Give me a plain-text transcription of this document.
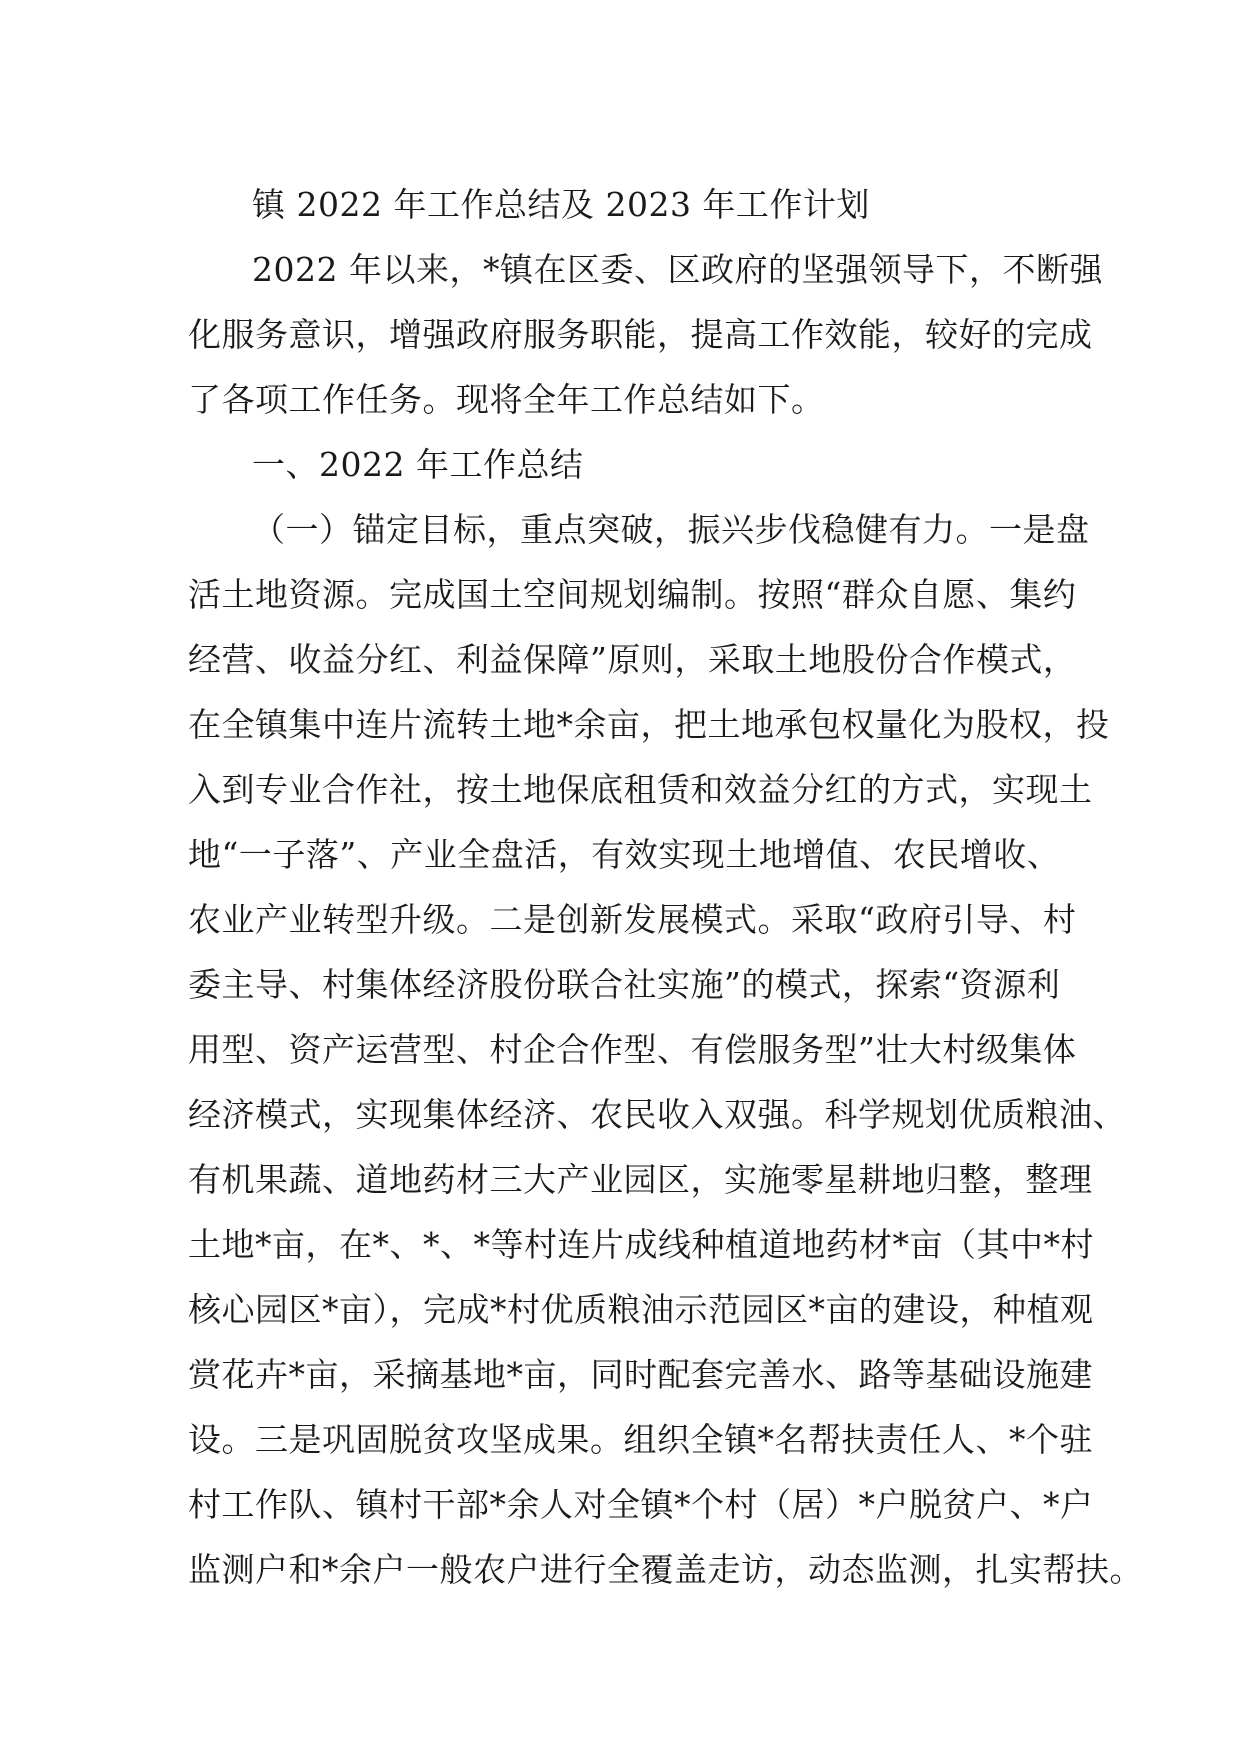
镇 2022 年工作总结及 2023 年工作计划
2022 年以来，*镇在区委、区政府的坚强领导下，不断强
化服务意识，增强政府服务职能，提高工作效能，较好的完成
了各项工作任务。现将全年工作总结如下。
一、2022 年工作总结
（一）锚定目标，重点突破，振兴步伐稳健有力。一是盘
活土地资源。完成国土空间规划编制。按照“群众自愿、集约
经营、收益分红、利益保障”原则，采取土地股份合作模式，
在全镇集中连片流转土地*余亩，把土地承包权量化为股权，投
入到专业合作社，按土地保底租赁和效益分红的方式，实现土
地“一子落”、产业全盘活，有效实现土地增值、农民增收、
农业产业转型升级。二是创新发展模式。采取“政府引导、村
委主导、村集体经济股份联合社实施”的模式，探索“资源利
用型、资产运营型、村企合作型、有偿服务型”壮大村级集体
经济模式，实现集体经济、农民收入双强。科学规划优质粮油、
有机果蔬、道地药材三大产业园区，实施零星耕地归整，整理
土地*亩，在*、*、*等村连片成线种植道地药材*亩（其中*村
核心园区*亩），完成*村优质粮油示范园区*亩的建设，种植观
赏花卉*亩，采摘基地*亩，同时配套完善水、路等基础设施建
设。三是巩固脱贫攻坚成果。组织全镇*名帮扶责任人、*个驻
村工作队、镇村干部*余人对全镇*个村（居）*户脱贫户、*户
监测户和*余户一般农户进行全覆盖走访，动态监测，扎实帮扶。
